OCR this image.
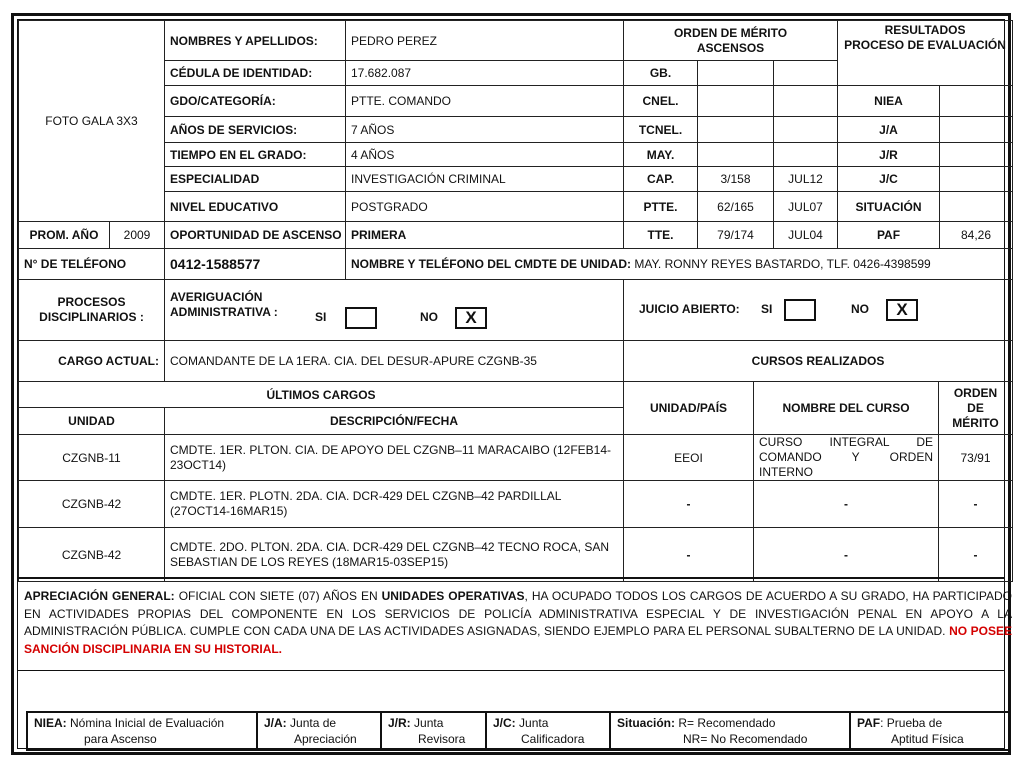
FOTO GALA 3X3	NOMBRES Y APELLIDOS:	PEDRO PEREZ	ORDEN DE MÉRITO
ASCENSOS			RESULTADOS
PROCESO DE EVALUACIÓN	
	CÉDULA DE IDENTIDAD:	17.682.087	GB.				
	GDO/CATEGORÍA:	PTTE. COMANDO	CNEL.			NIEA	
	AÑOS DE SERVICIOS:	7 AÑOS	TCNEL.			J/A	
	TIEMPO EN EL GRADO:	4 AÑOS	MAY.			J/R	
	ESPECIALIDAD	INVESTIGACIÓN CRIMINAL	CAP.	3/158	JUL12	J/C	
	NIVEL EDUCATIVO	POSTGRADO	PTTE.	62/165	JUL07	SITUACIÓN	
PROM. AÑO	2009	OPORTUNIDAD DE ASCENSO	PRIMERA	TTE.	79/174	JUL04	PAF	84,26
N° DE TELÉFONO	0412-1588577	NOMBRE Y TELÉFONO DEL CMDTE DE UNIDAD: MAY. RONNY REYES BASTARDO, TLF. 0426-4398599
PROCESOS
DISCIPLINARIOS :	
AVERIGUACIÓN
ADMINISTRATIVA :	SI	NO	X	JUICIO ABIERTO: SI	NO	X
CARGO ACTUAL:	COMANDANTE DE LA 1ERA. CIA. DEL DESUR-APURE CZGNB-35	CURSOS REALIZADOS		
ÚLTIMOS CARGOS		UNIDAD/PAÍS	NOMBRE DEL CURSO	ORDEN DE MÉRITO
UNIDAD	DESCRIPCIÓN/FECHA			
CZGNB-11	CMDTE. 1ER. PLTON. CIA. DE APOYO DEL CZGNB–11 MARACAIBO (12FEB14-23OCT14)	EEOI	CURSO INTEGRAL DE COMANDO Y ORDEN INTERNO	73/91
CZGNB-42	CMDTE. 1ER. PLOTN. 2DA. CIA. DCR-429 DEL CZGNB–42 PARDILLAL (27OCT14-16MAR15)	-	-	-
CZGNB-42	CMDTE. 2DO. PLTON. 2DA. CIA. DCR-429 DEL CZGNB–42 TECNO ROCA, SAN SEBASTIAN DE LOS REYES (18MAR15-03SEP15)	-	-	-
APRECIACIÓN GENERAL: OFICIAL CON SIETE (07) AÑOS EN UNIDADES OPERATIVAS, HA OCUPADO TODOS LOS CARGOS DE ACUERDO A SU GRADO, HA PARTICIPADO EN ACTIVIDADES PROPIAS DEL COMPONENTE EN LOS SERVICIOS DE POLICÍA ADMINISTRATIVA ESPECIAL Y DE INVESTIGACIÓN PENAL EN APOYO A LA ADMINISTRACIÓN PÚBLICA. CUMPLE CON CADA UNA DE LAS ACTIVIDADES ASIGNADAS, SIENDO EJEMPLO PARA EL PERSONAL SUBALTERNO DE LA UNIDAD. NO POSEE SANCIÓN DISCIPLINARIA EN SU HISTORIAL.
NIEA: Nómina Inicial de Evaluación
para Ascenso
J/A: Junta de
Apreciación
J/R: Junta
Revisora
J/C: Junta
Calificadora
Situación: R= Recomendado
NR= No Recomendado
PAF: Prueba de
Aptitud Física
